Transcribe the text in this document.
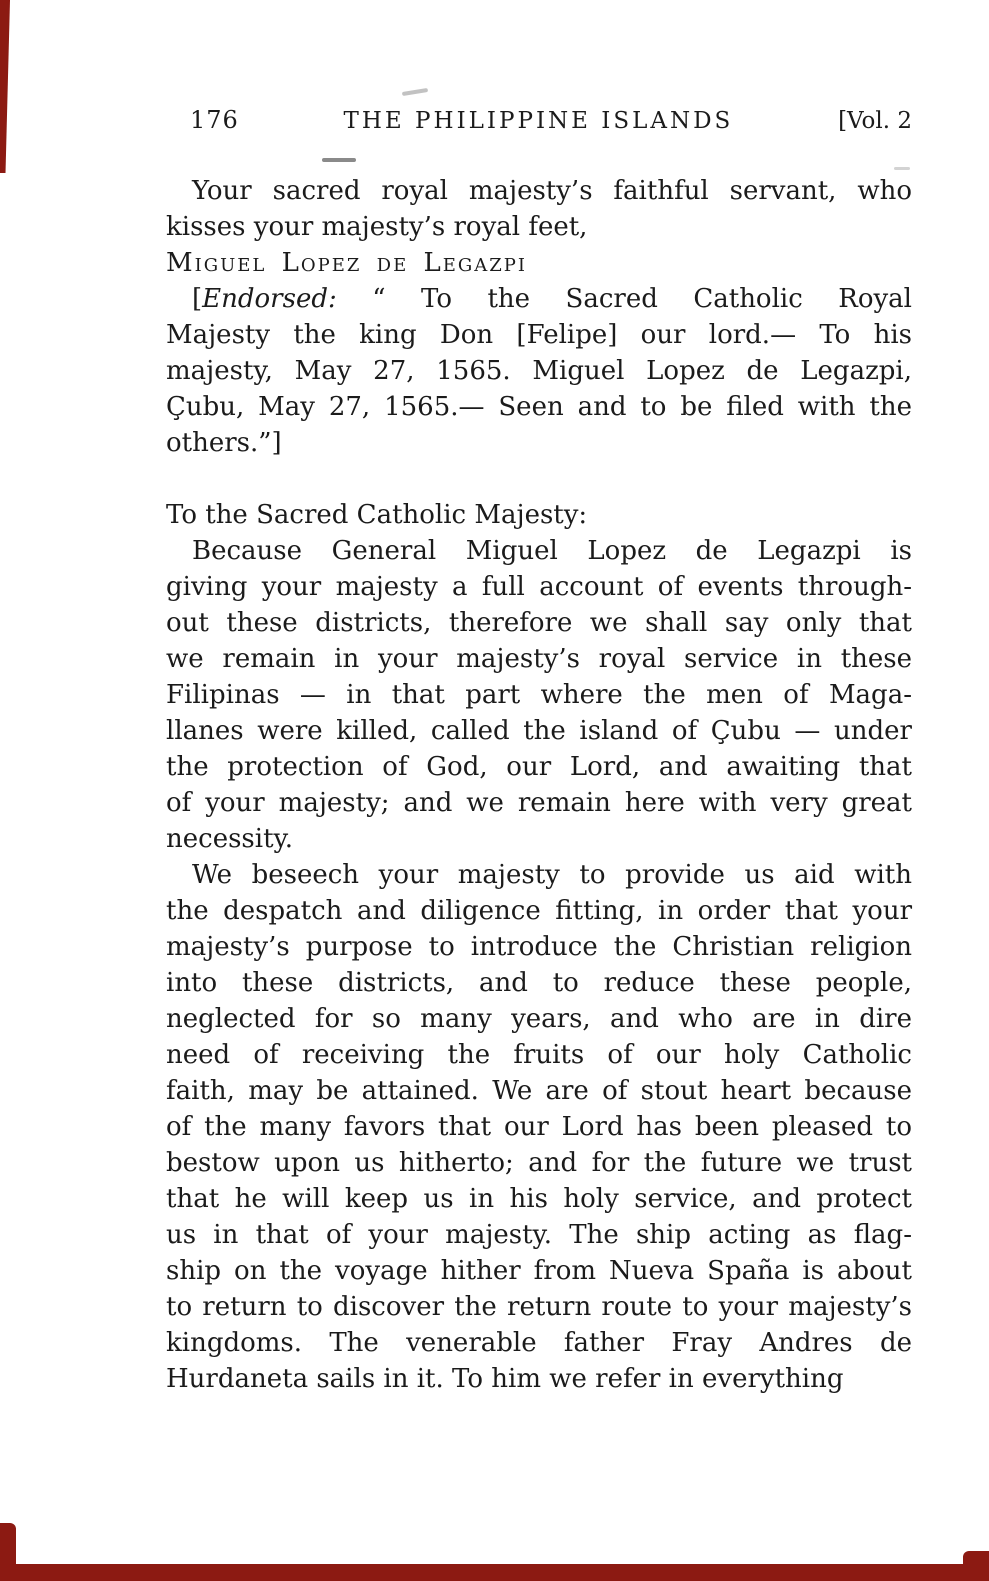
176	THE PHILIPPINE ISLANDS	[Vol. 2
Your sacred royal majesty’s faithful servant, who
kisses your majesty’s royal feet,
Miguel Lopez de Legazpi
[Endorsed: “ To the Sacred Catholic Royal
Majesty the king Don [Felipe] our lord.— To his
majesty, May 27, 1565. Miguel Lopez de Legazpi,
Çubu, May 27, 1565.— Seen and to be filed with the
others.”]
To the Sacred Catholic Majesty:
Because General Miguel Lopez de Legazpi is
giving your majesty a full account of events through-
out these districts, therefore we shall say only that
we remain in your majesty’s royal service in these
Filipinas — in that part where the men of Maga-
llanes were killed, called the island of Çubu — under
the protection of God, our Lord, and awaiting that
of your majesty; and we remain here with very great
necessity.
We beseech your majesty to provide us aid with
the despatch and diligence fitting, in order that your
majesty’s purpose to introduce the Christian religion
into these districts, and to reduce these people,
neglected for so many years, and who are in dire
need of receiving the fruits of our holy Catholic
faith, may be attained. We are of stout heart because
of the many favors that our Lord has been pleased to
bestow upon us hitherto; and for the future we trust
that he will keep us in his holy service, and protect
us in that of your majesty. The ship acting as flag-
ship on the voyage hither from Nueva Spaña is about
to return to discover the return route to your majesty’s
kingdoms. The venerable father Fray Andres de
Hurdaneta sails in it. To him we refer in everything
